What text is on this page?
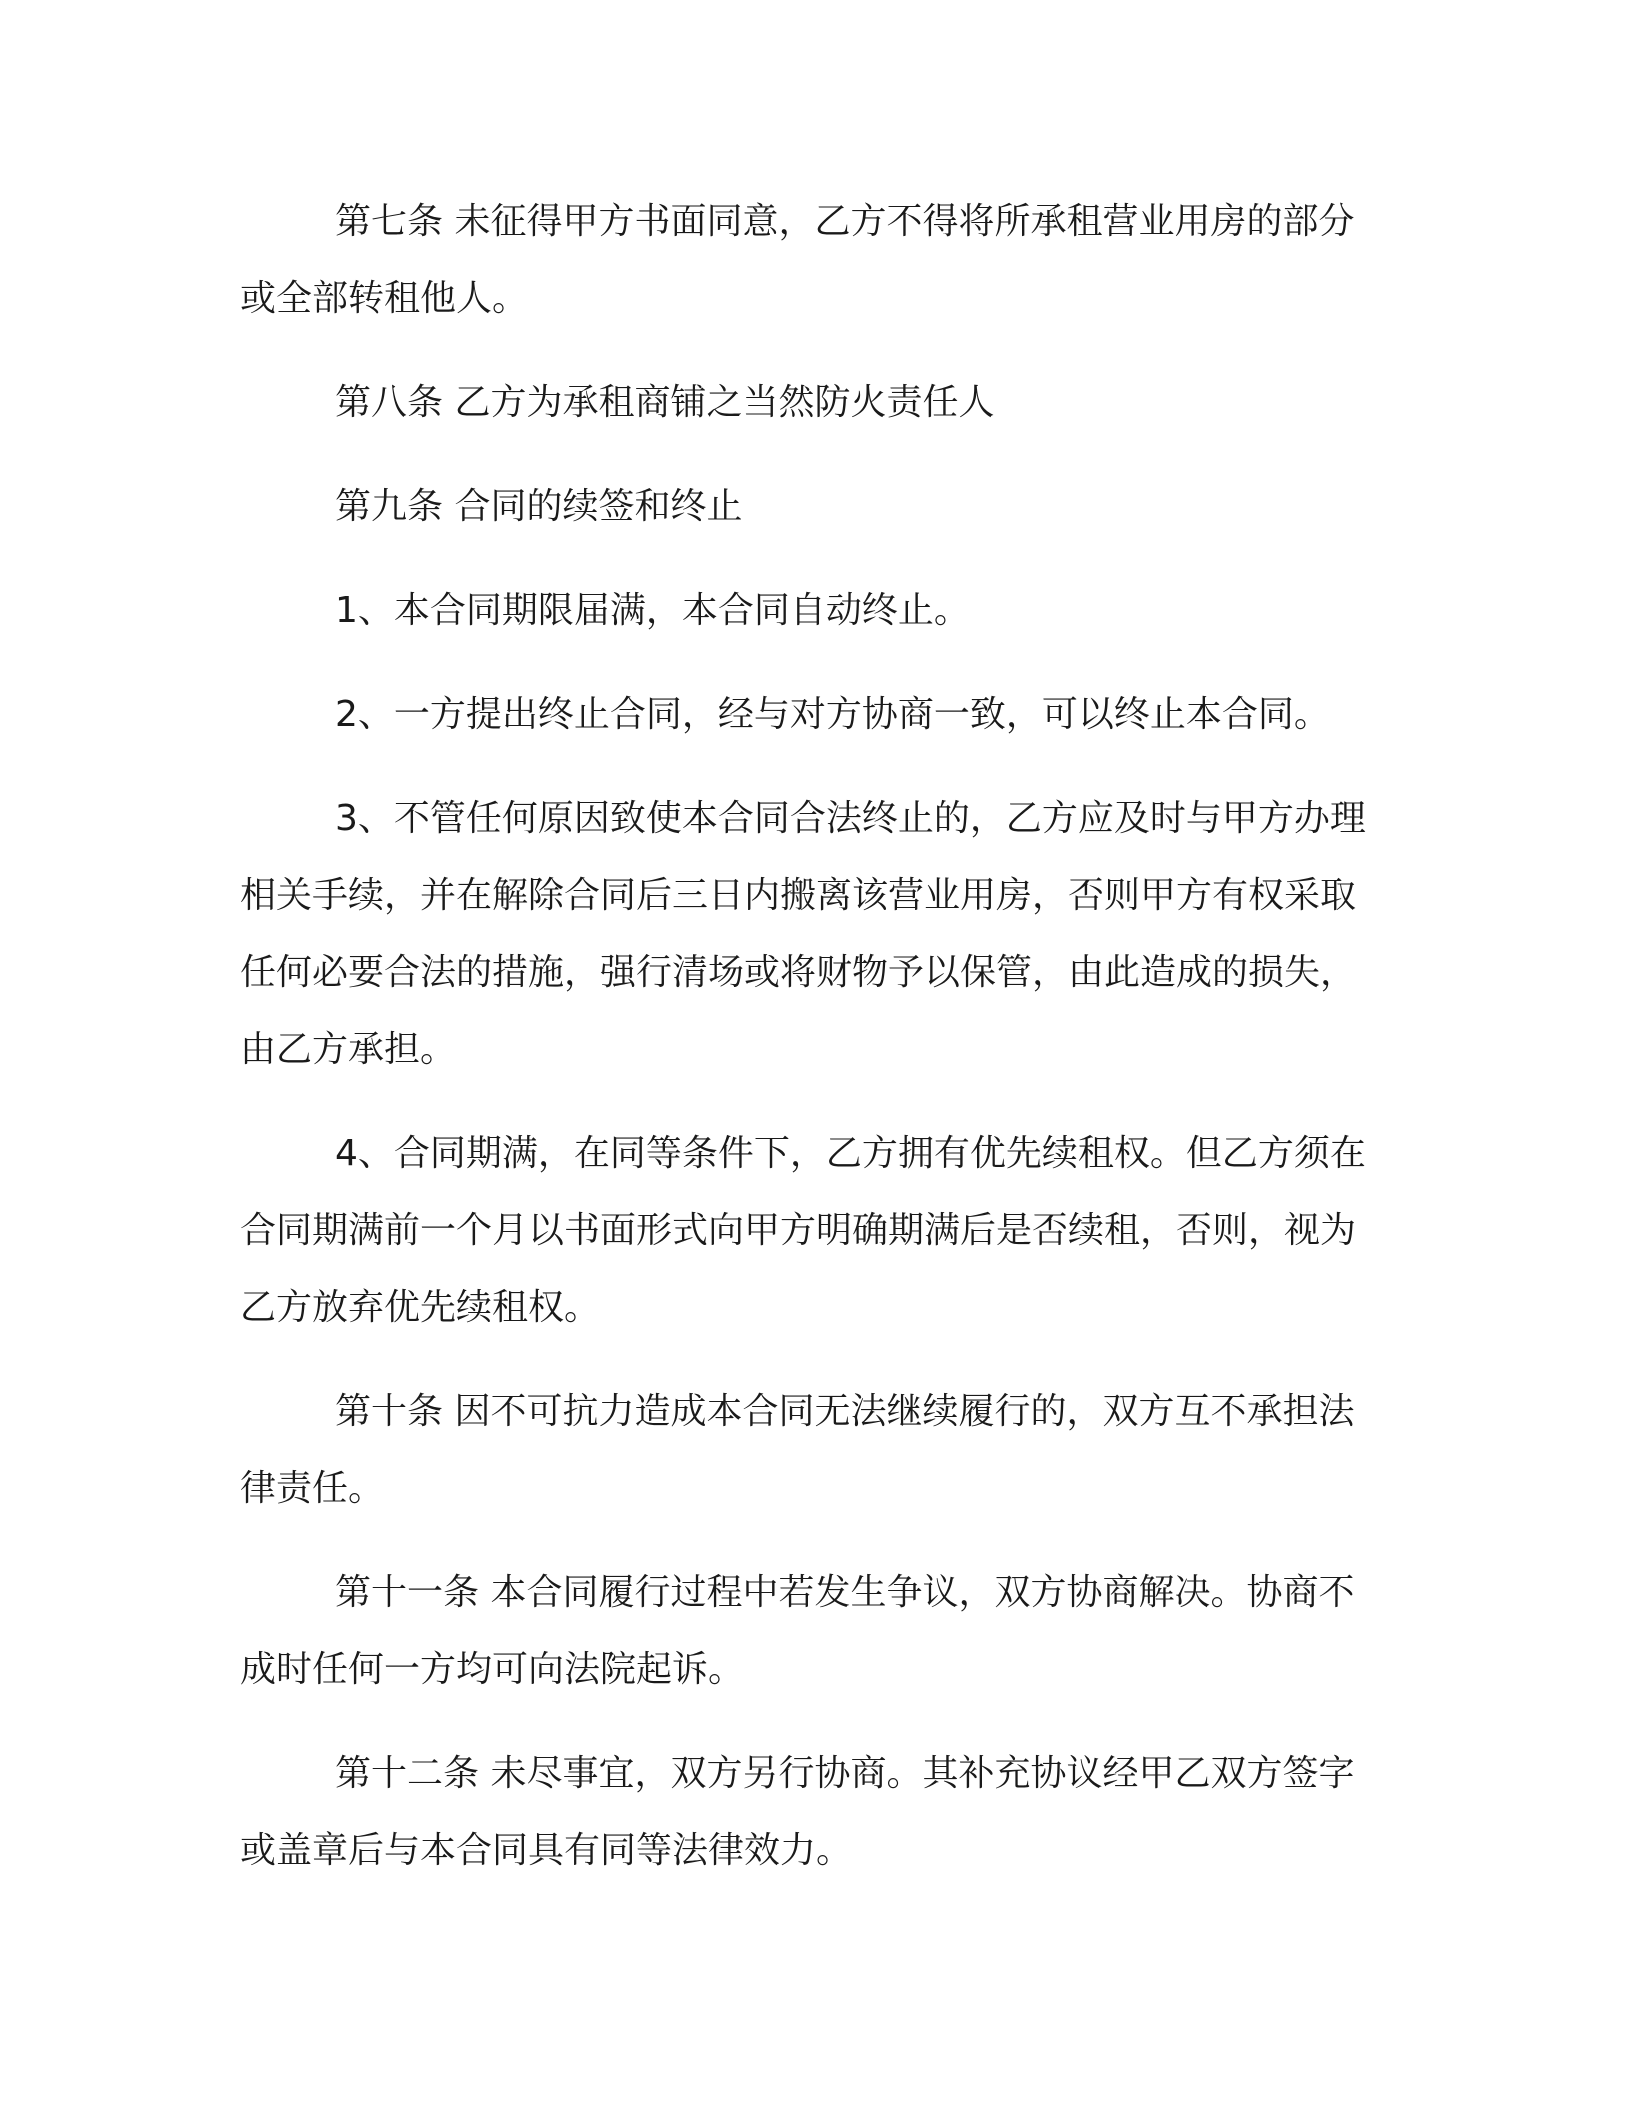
第七条 未征得甲方书面同意，乙方不得将所承租营业用房的部分或全部转租他人。

第八条 乙方为承租商铺之当然防火责任人

第九条 合同的续签和终止

1、本合同期限届满，本合同自动终止。

2、一方提出终止合同，经与对方协商一致，可以终止本合同。

3、不管任何原因致使本合同合法终止的，乙方应及时与甲方办理相关手续，并在解除合同后三日内搬离该营业用房，否则甲方有权采取任何必要合法的措施，强行清场或将财物予以保管，由此造成的损失，由乙方承担。

4、合同期满，在同等条件下，乙方拥有优先续租权。但乙方须在合同期满前一个月以书面形式向甲方明确期满后是否续租，否则，视为乙方放弃优先续租权。

第十条 因不可抗力造成本合同无法继续履行的，双方互不承担法律责任。

第十一条 本合同履行过程中若发生争议，双方协商解决。协商不成时任何一方均可向法院起诉。

第十二条 未尽事宜，双方另行协商。其补充协议经甲乙双方签字或盖章后与本合同具有同等法律效力。
